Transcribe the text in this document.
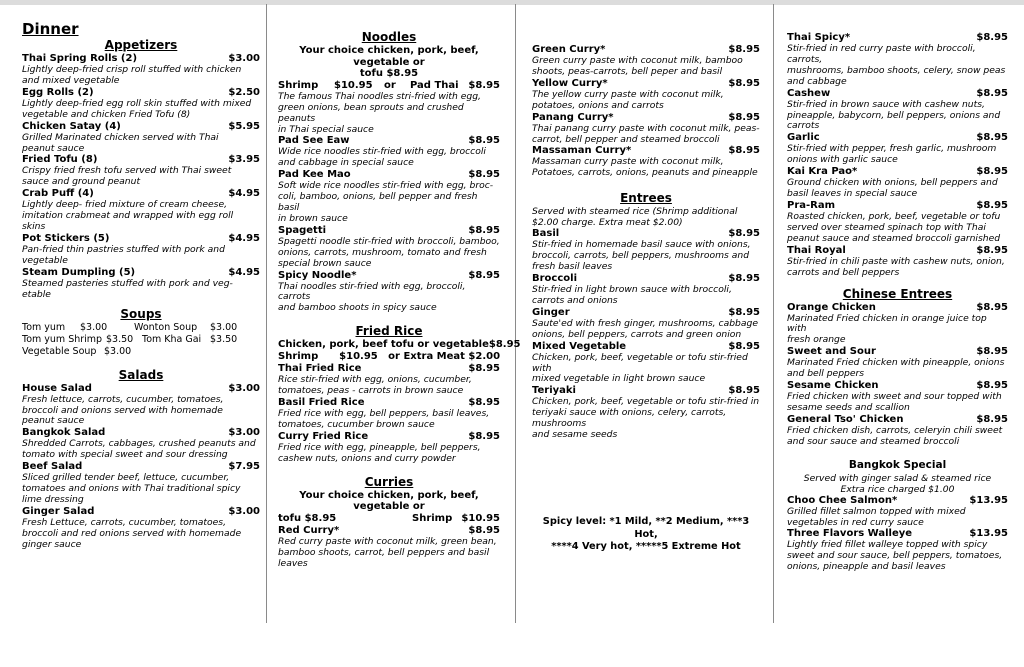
Dinner
Appetizers
Thai Spring Rolls (2)	$3.00
Lightly deep-fried crisp roll stuffed with chicken
and mixed vegetable
Egg Rolls (2)	$2.50
Lightly deep-fried egg roll skin stuffed with mixed
vegetable and chicken Fried Tofu (8)
Chicken Satay (4)	$5.95
Grilled Marinated chicken served with Thai
peanut sauce
Fried Tofu (8)	$3.95
Crispy fried fresh tofu served with Thai sweet
sauce and ground peanut
Crab Puff (4)	$4.95
Lightly deep- fried mixture of cream cheese,
imitation crabmeat and wrapped with egg roll
skins
Pot Stickers (5)	$4.95
Pan-fried thin pastries stuffed with pork and
vegetable
Steam Dumpling (5)	$4.95
Steamed pasteries stuffed with pork and veg-
etable
Soups
Tom yum	$3.00	Wonton Soup	$3.00
Tom yum Shrimp $3.50 Tom Kha Gai $3.50
Vegetable Soup $3.00
Salads
House Salad	$3.00
Fresh lettuce, carrots, cucumber, tomatoes,
broccoli and onions served with homemade
peanut sauce
Bangkok Salad	$3.00
Shredded Carrots, cabbages, crushed peanuts and
tomato with special sweet and sour dressing
Beef Salad	$7.95
Sliced grilled tender beef, lettuce, cucumber,
tomatoes and onions with Thai traditional spicy
lime dressing
Ginger Salad	$3.00
Fresh Lettuce, carrots, cucumber, tomatoes,
broccoli and red onions served with homemade
ginger sauce
Noodles
Your choice chicken, pork, beef, vegetable or
tofu $8.95
Shrimp	$10.95	or	Pad Thai $8.95
The famous Thai noodles stri-fried with egg,
green onions, bean sprouts and crushed peanuts
in Thai special sauce
Pad See Eaw	$8.95
Wide rice noodles stir-fried with egg, broccoli
and cabbage in special sauce
Pad Kee Mao	$8.95
Soft wide rice noodles stir-fried with egg, broc-
coli, bamboo, onions, bell pepper and fresh basil
in brown sauce
Spagetti	$8.95
Spagetti noodle stir-fried with broccoli, bamboo,
onions, carrots, mushroom, tomato and fresh
special brown sauce
Spicy Noodle*	$8.95
Thai noodles stir-fried with egg, broccoli, carrots
and bamboo shoots in spicy sauce
Fried Rice
Chicken, pork, beef tofu or vegetable $8.95
Shrimp      $10.95   or Extra Meat $2.00
Thai Fried Rice	$8.95
Rice stir-fried with egg, onions, cucumber,
tomatoes, peas - carrots in brown sauce
Basil Fried Rice	$8.95
Fried rice with egg, bell peppers, basil leaves,
tomatoes, cucumber brown sauce
Curry Fried Rice	$8.95
Fried rice with egg, pineapple, bell peppers,
cashew nuts, onions and curry powder
Curries
Your choice chicken, pork, beef, vegetable or
tofu $8.95	Shrimp $10.95
Red Curry*	$8.95
Red curry paste with coconut milk, green bean,
bamboo shoots, carrot, bell peppers and basil
leaves
Green Curry*	$8.95
Green curry paste with coconut milk, bamboo
shoots, peas-carrots, bell peper and basil
Yellow Curry*	$8.95
The yellow curry paste with coconut milk,
potatoes, onions and carrots
Panang Curry*	$8.95
Thai panang curry paste with coconut milk, peas-
carrot, bell pepper and steamed broccoli
Massaman Curry*	$8.95
Massaman curry paste with coconut milk,
Potatoes, carrots, onions, peanuts and pineapple
Entrees
Served with steamed rice (Shrimp additional
$2.00 charge. Extra meat $2.00)
Basil	$8.95
Stir-fried in homemade basil sauce with onions,
broccoli, carrots, bell peppers, mushrooms and
fresh basil leaves
Broccoli	$8.95
Stir-fried in light brown sauce with broccoli,
carrots and onions
Ginger	$8.95
Saute'ed with fresh ginger, mushrooms, cabbage
onions, bell peppers, carrots and green onion
Mixed Vegetable	$8.95
Chicken, pork, beef, vegetable or tofu stir-fried with
mixed vegetable in light brown sauce
Teriyaki	$8.95
Chicken, pork, beef, vegetable or tofu stir-fried in
teriyaki sauce with onions, celery, carrots, mushrooms
and sesame seeds
Spicy level: *1 Mild, **2 Medium, ***3 Hot,
****4 Very hot, *****5 Extreme Hot
Thai Spicy*	$8.95
Stir-fried in red curry paste with broccoli, carrots,
mushrooms, bamboo shoots, celery, snow peas
and cabbage
Cashew	$8.95
Stir-fried in brown sauce with cashew nuts,
pineapple, babycorn, bell peppers, onions and
carrots
Garlic	$8.95
Stir-fried with pepper, fresh garlic, mushroom
onions with garlic sauce
Kai Kra Pao*	$8.95
Ground chicken with onions, bell peppers and
basil leaves in special sauce
Pra-Ram	$8.95
Roasted chicken, pork, beef, vegetable or tofu
served over steamed spinach top with Thai
peanut sauce and steamed broccoli garnished
Thai Royal	$8.95
Stir-fried in chili paste with cashew nuts, onion,
carrots and bell peppers
Chinese Entrees
Orange Chicken	$8.95
Marinated Fried chicken in orange juice top with
fresh orange
Sweet and Sour	$8.95
Marinated Fried chicken with pineapple, onions
and bell peppers
Sesame Chicken	$8.95
Fried chicken with sweet and sour topped with
sesame seeds and scallion
General Tso' Chicken	$8.95
Fried chicken dish, carrots, celeryin chili sweet
and sour sauce and steamed broccoli
Bangkok Special
Served with ginger salad & steamed rice
Extra rice charged $1.00
Choo Chee Salmon*	$13.95
Grilled fillet salmon topped with mixed
vegetables in red curry sauce
Three Flavors Walleye	$13.95
Lightly fried fillet walleye topped with spicy
sweet and sour sauce, bell peppers, tomatoes,
onions, pineapple and basil leaves
